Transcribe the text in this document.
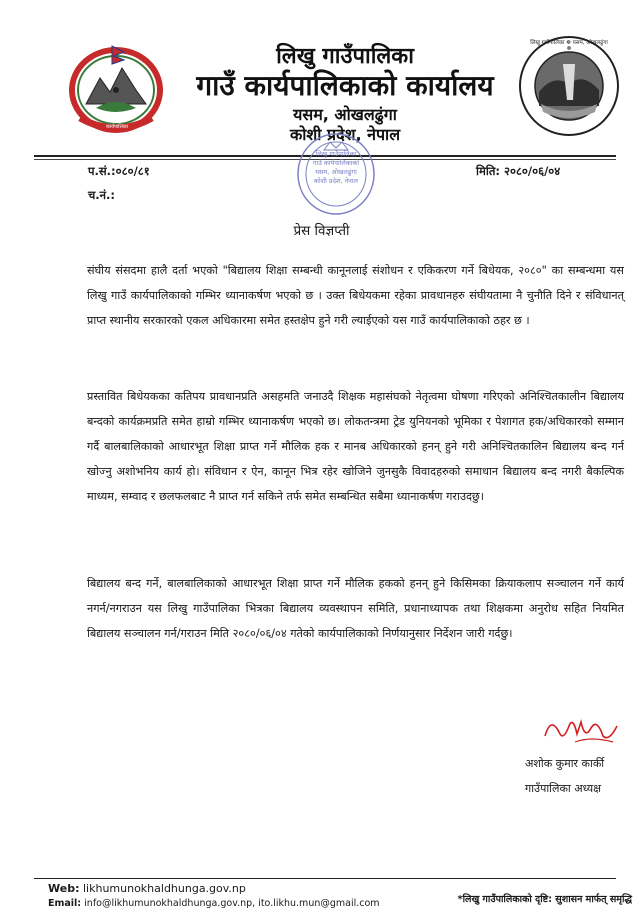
कार्यपालिका
लिखु गाउँपालिका
गाउँ कार्यपालिकाको कार्यालय
यसम, ओखलढुंगा
कोशी प्रदेश, नेपाल
लिखु गाउँपालिका ❁ यसम, ओखलढुंगा ❁
प.सं.:०८०/८१
च.नं.:
मिति: २०८०/०६/०४
लिखु गाउँपालिका
गाउँ कार्यपालिकाको
यसम, ओखलढुंगा
कोशी प्रदेश, नेपाल
प्रेस विज्ञप्ती
संघीय संसदमा हालै दर्ता भएको "बिद्यालय शिक्षा सम्बन्धी कानूनलाई संशोधन र एकिकरण गर्ने बिधेयक, २०८०" का सम्बन्धमा यस लिखु गाउँ कार्यपालिकाको गम्भिर ध्यानाकर्षण भएको छ । उक्त बिधेयकमा रहेका प्रावधानहरु संघीयतामा नै चुनौति दिने र संविधानत् प्राप्त स्थानीय सरकारको एकल अधिकारमा समेत हस्तक्षेप हुने गरी ल्याईएको यस गाउँ कार्यपालिकाको ठहर छ ।
प्रस्तावित बिधेयकका कतिपय प्रावधानप्रति असहमति जनाउदै शिक्षक महासंघको नेतृत्वमा घोषणा गरिएको अनिश्चितकालीन बिद्यालय बन्दको कार्यक्रमप्रति समेत हाम्रो गम्भिर ध्यानाकर्षण भएको छ। लोकतन्त्रमा ट्रेड युनियनको भूमिका र पेशागत हक/अधिकारको सम्मान गर्दै बालबालिकाको आधारभूत शिक्षा प्राप्त गर्ने मौलिक हक र मानब अधिकारको हनन् हुने गरी अनिश्चितकालिन बिद्यालय बन्द गर्न खोज्नु अशोभनिय कार्य हो। संविधान र ऐन, कानून भित्र रहेर खोजिने जुनसुकै विवादहरुको समाधान बिद्यालय बन्द नगरी बैकल्पिक माध्यम, सम्वाद र छलफलबाट नै प्राप्त गर्न सकिने तर्फ समेत सम्बन्धित सबैमा ध्यानाकर्षण गराउदछु।
बिद्यालय बन्द गर्ने, बालबालिकाको आधारभूत शिक्षा प्राप्त गर्ने मौलिक हकको हनन् हुने किसिमका क्रियाकलाप सञ्चालन गर्ने कार्य नगर्न/नगराउन यस लिखु गाउँपालिका भित्रका बिद्यालय व्यवस्थापन समिति, प्रधानाध्यापक तथा शिक्षकमा अनुरोध सहित नियमित बिद्यालय सञ्चालन गर्न/गराउन मिति २०८०/०६/०४ गतेको कार्यपालिकाको निर्णयानुसार निर्देशन जारी गर्दछु।
अशोक कुमार कार्की
गाउँपालिका अध्यक्ष
Web: likhumunokhaldhunga.gov.np
Email: info@likhumunokhaldhunga.gov.np, ito.likhu.mun@gmail.com	*लिखु गाउँपालिकाको दृष्टि: सुशासन मार्फत् समृद्धि
